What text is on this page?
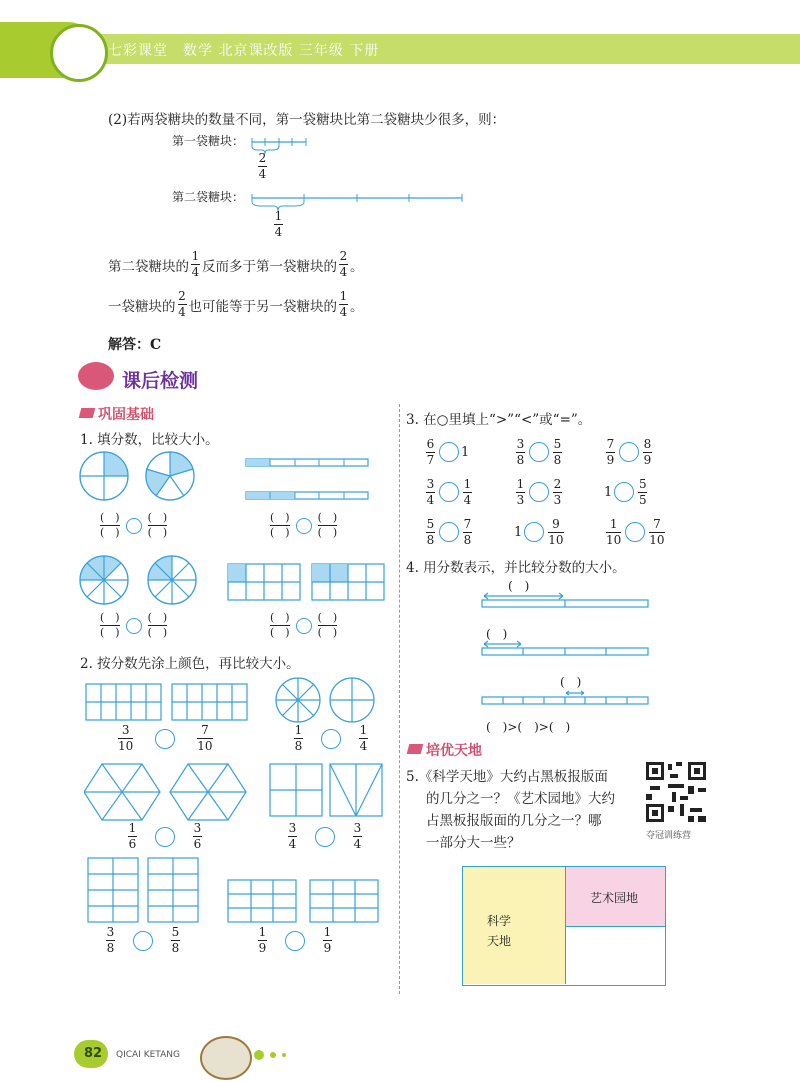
七彩课堂　数学 北京课改版 三年级 下册
(2)若两袋糖块的数量不同，第一袋糖块比第二袋糖块少很多，则：
第一袋糖块：
2
4
第二袋糖块：
1
4
第二袋糖块的 $\frac{1}{4}$ 反而多于第一袋糖块的 $\frac{2}{4}$ 。
一袋糖块的 $\frac{2}{4}$ 也可能等于另一袋糖块的 $\frac{1}{4}$ 。
解答：C
课后检测
巩固基础
1. 填分数，比较大小。
$\frac{( )}{( )}$	$\frac{( )}{( )}$	$\frac{( )}{( )}$	$\frac{( )}{( )}$
$\frac{( )}{( )}$	$\frac{( )}{( )}$	$\frac{( )}{( )}$	$\frac{( )}{( )}$
2. 按分数先涂上颜色，再比较大小。
$\frac{3}{10}$	$\frac{7}{10}$	$\frac{1}{8}$	$\frac{1}{4}$
$\frac{1}{6}$	$\frac{3}{6}$	$\frac{3}{4}$	$\frac{3}{4}$
$\frac{3}{8}$	$\frac{5}{8}$	$\frac{1}{9}$	$\frac{1}{9}$
3. 在○里填上“>”“<”或“=”。
$\frac{6}{7} 1$	$\frac{3}{8} \frac{5}{8}$	$\frac{7}{9} \frac{8}{9}$
$\frac{3}{4} \frac{1}{4}$	$\frac{1}{3} \frac{2}{3}$	$1 \frac{5}{5}$
$\frac{5}{8} \frac{7}{8}$	$1 \frac{9}{10}$	$\frac{1}{10} \frac{7}{10}$
4. 用分数表示，并比较分数的大小。
(　)
(　)
(　)
(　)>(　)>(　)
培优天地
5.《科学天地》大约占黑板报版面
的几分之一？《艺术园地》大约
占黑板报版面的几分之一？哪
一部分大一些？	夺冠训练营
科学
天地
艺术园地
82 QICAI KETANG
